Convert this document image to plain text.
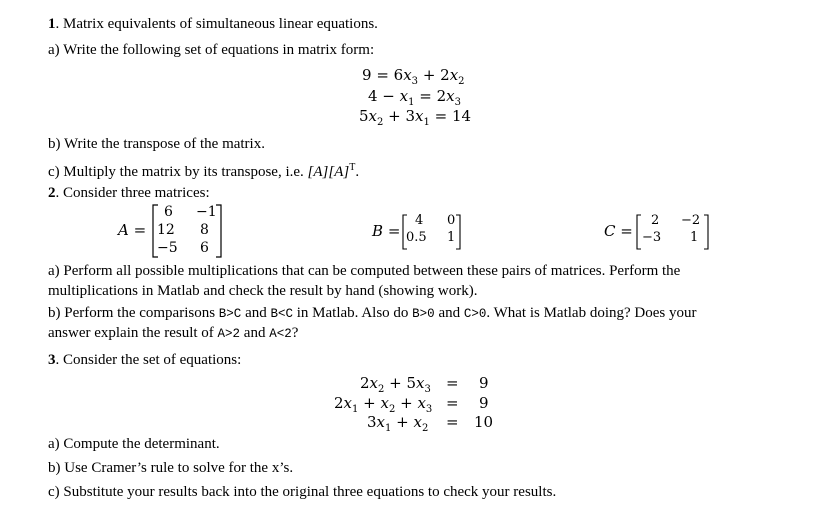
1. Matrix equivalents of simultaneous linear equations.
a) Write the following set of equations in matrix form:
$9 = 6x_3 + 2x_2$
$4 - x_1 = 2x_3$
$5x_2 + 3x_1 = 14$
b) Write the transpose of the matrix.
c) Multiply the matrix by its transpose, i.e. $[A][A]^T$.
2. Consider three matrices:
A =
6 −1
12 8
−5 6
B =
4 0
0.5 1	C =
2 −2
−3 1
a) Perform all possible multiplications that can be computed between these pairs of matrices. Perform the
multiplications in Matlab and check the result by hand (showing work).
b) Perform the comparisons B>C and B<C in Matlab. Also do B>0 and C>0. What is Matlab doing? Does your
answer explain the result of A>2 and A<2?
3. Consider the set of equations:
$2x_2 + 5x_3 = 9$
$2x_1 + x_2 + x_3 = 9$
$3x_1 + x_2 = 10$
a) Compute the determinant.
b) Use Cramer’s rule to solve for the x’s.
c) Substitute your results back into the original three equations to check your results.
